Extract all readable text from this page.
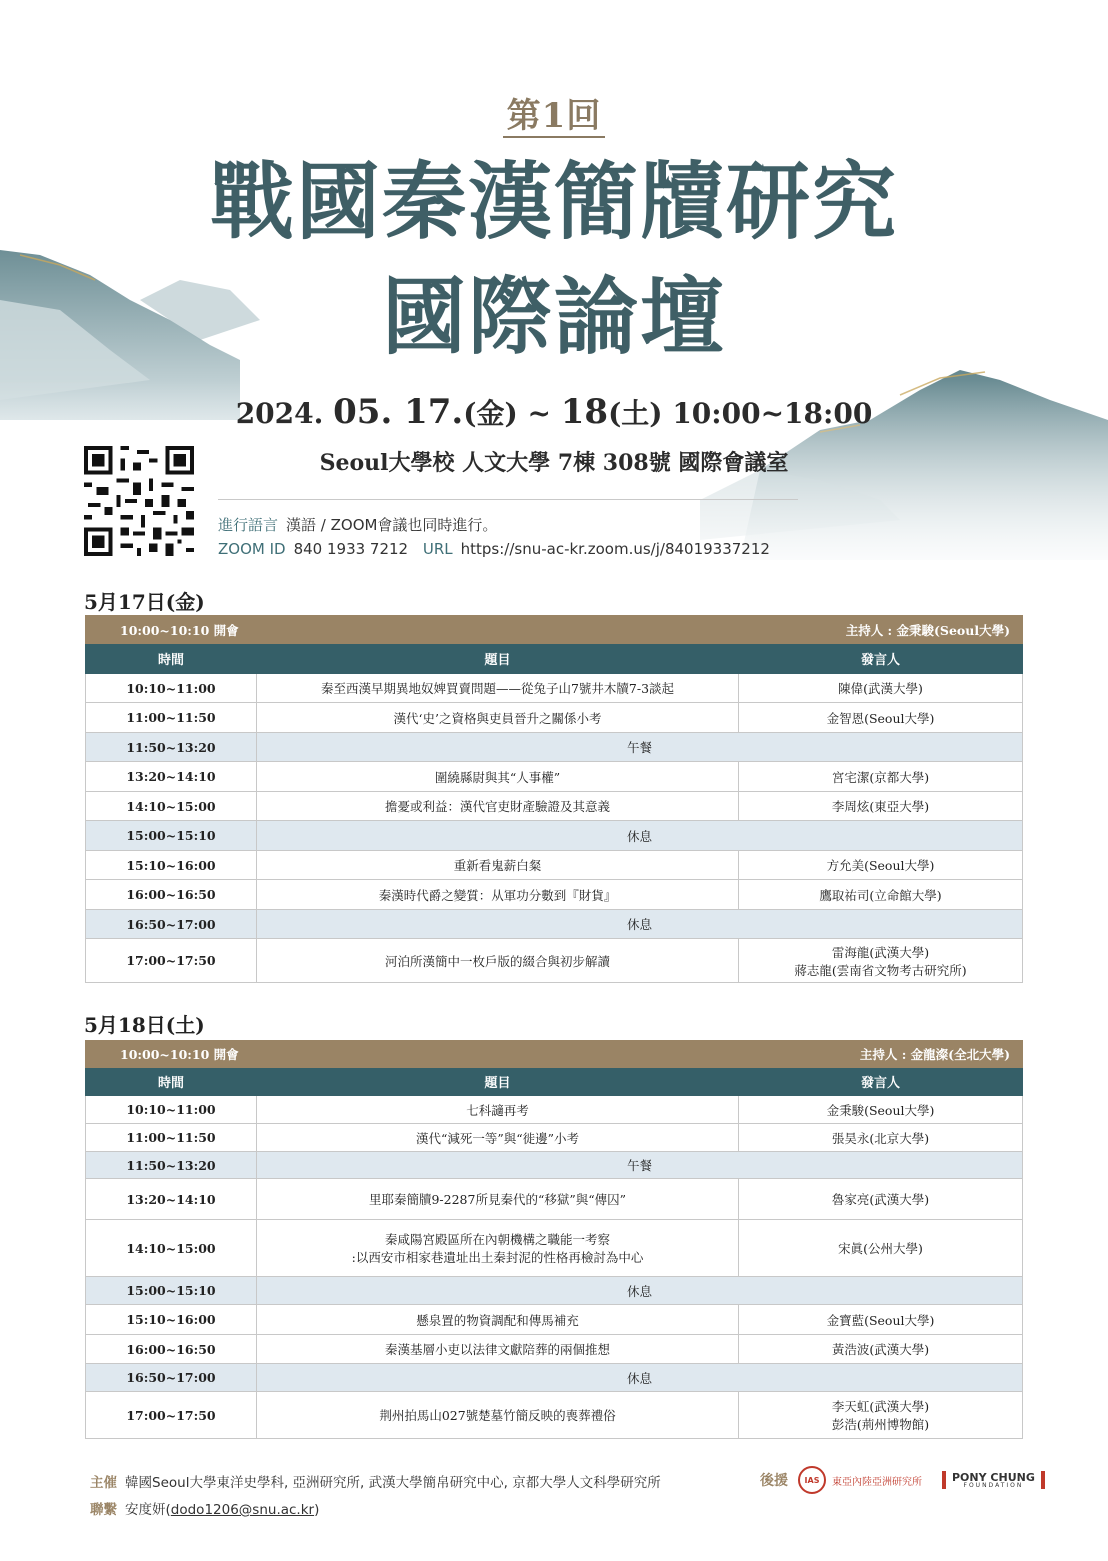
第1回
戰國秦漢簡牘研究
國際論壇
2024. 05. 17.(金) ~ 18(土) 10:00~18:00
Seoul大學校 人文大學 7棟 308號 國際會議室
進行語言 漢語 / ZOOM會議也同時進行。
ZOOM ID 840 1933 7212 URL https://snu-ac-kr.zoom.us/j/84019337212
5月17日(金)
10:00~10:10 開會 主持人 : 金秉駿(Seoul大學)		

時間	題目	發言人
10:10~11:00	秦至西漢早期異地奴婢買賣問題——從兔子山7號井木牘7-3談起	陳偉(武漢大學)

11:00~11:50	漢代‘史’之資格與吏員晉升之關係小考	金智恩(Seoul大學)

11:50~13:20	午餐	
13:20~14:10	圍繞縣尉與其“人事權”	宮宅潔(京都大學)

14:10~15:00	擔憂或利益：漢代官吏財產驗證及其意義	李周炫(東亞大學)

15:00~15:10	休息	
15:10~16:00	重新看鬼薪白粲	方允美(Seoul大學)

16:00~16:50	秦漢時代爵之變質：从軍功分數到『財貨』	鷹取祐司(立命館大學)

16:50~17:00	休息	
17:00~17:50	河泊所漢簡中一枚戶版的綴合與初步解讀	雷海龍(武漢大學)
蔣志龍(雲南省文物考古研究所)
5月18日(土)
10:00~10:10 開會 主持人 : 金龍澯(全北大學)		

時間	題目	發言人
10:10~11:00	七科讁再考	金秉駿(Seoul大學)

11:00~11:50	漢代“減死一等”與“徙邊”小考	張昊永(北京大學)

11:50~13:20	午餐	
13:20~14:10	里耶秦簡牘9-2287所見秦代的“移獄”與“傳囚”	魯家亮(武漢大學)

14:10~15:00	秦咸陽宮殿區所在內朝機構之職能一考察
:以西安市相家巷遺址出土秦封泥的性格再檢討為中心	宋眞(公州大學)

15:00~15:10	休息	
15:10~16:00	懸泉置的物資調配和傳馬補充	金寶藍(Seoul大學)

16:00~16:50	秦漢基層小吏以法律文獻陪葬的兩個推想	黃浩波(武漢大學)

16:50~17:00	休息	
17:00~17:50	荆州拍馬山027號楚墓竹簡反映的喪葬禮俗	李天虹(武漢大學)
彭浩(荊州博物館)
主催 韓國Seoul大學東洋史學科, 亞洲研究所, 武漢大學簡帛研究中心, 京都大學人文科學研究所
聯繫 安度妍(dodo1206@snu.ac.kr)
後援	IAS	東亞內陸亞洲研究所	PONY CHUNG
FOUNDATION
